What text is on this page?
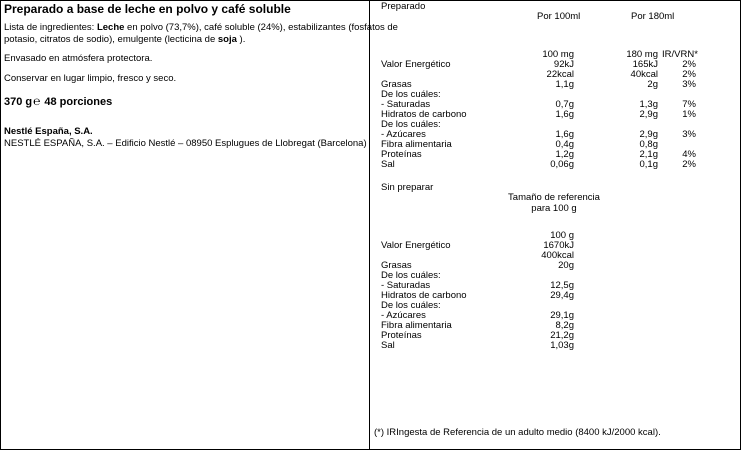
Preparado a base de leche en polvo y café soluble
Lista de ingredientes: Leche en polvo (73,7%), café soluble (24%), estabilizantes (fosfatos de
potasio, citratos de sodio), emulgente (lecticina de soja ).
Envasado en atmósfera protectora.
Conservar en lugar limpio, fresco y seco.
370 g℮ 48 porciones
Nestlé España, S.A.
NESTLÉ ESPAÑA, S.A. – Edificio Nestlé – 08950 Esplugues de Llobregat (Barcelona)
Preparado
Por 100ml	Por 180ml
100 mg	180 mg IR/VRN*
Valor Energético	92kJ	165kJ	2%
22kcal	40kcal	2%
Grasas	1,1g	2g	3%
De los cuáles:
- Saturadas	0,7g	1,3g	7%
Hidratos de carbono	1,6g	2,9g	1%
De los cuáles:
- Azúcares	1,6g	2,9g	3%
Fibra alimentaria	0,4g	0,8g
Proteínas	1,2g	2,1g	4%
Sal	0,06g	0,1g	2%
Sin preparar
Tamaño de referencia
para 100 g
100 g
Valor Energético	1670kJ
400kcal
Grasas	20g
De los cuáles:
- Saturadas	12,5g
Hidratos de carbono	29,4g
De los cuáles:
- Azúcares	29,1g
Fibra alimentaria	8,2g
Proteínas	21,2g
Sal	1,03g
(*) IRIngesta de Referencia de un adulto medio (8400 kJ/2000 kcal).
